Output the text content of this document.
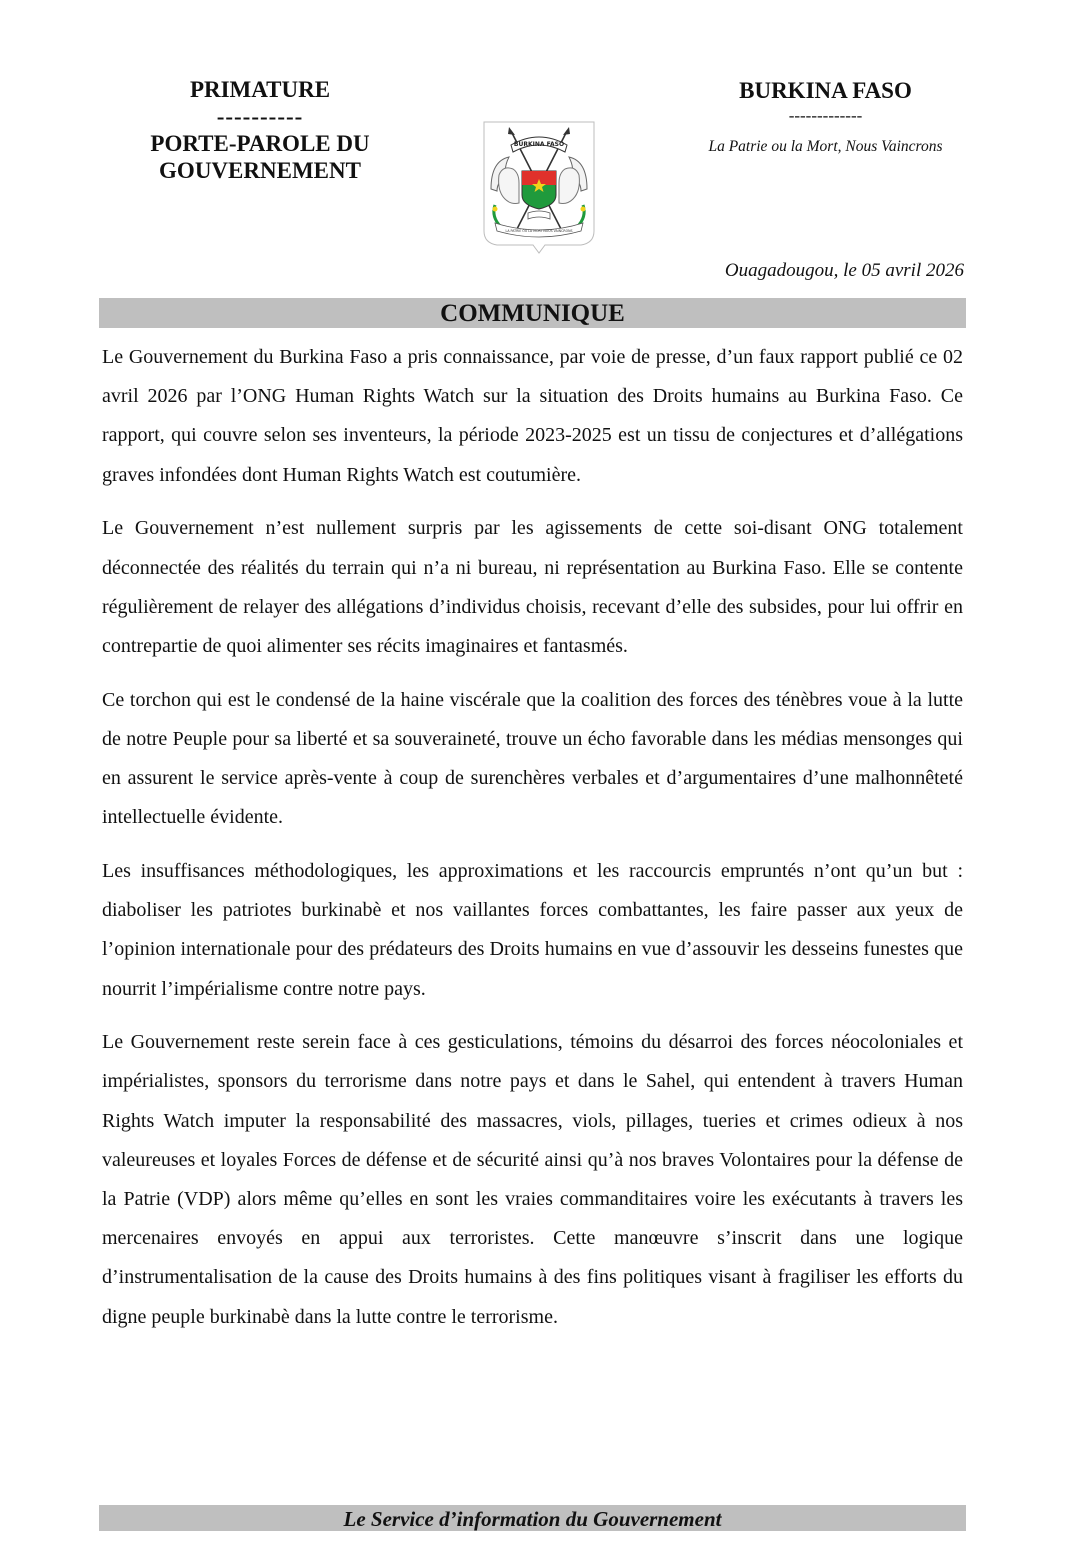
PRIMATURE
----------
PORTE-PAROLE DU GOUVERNEMENT
BURKINA FASO
LA PATRIE OU LA MORT NOUS VAINCRONS
BURKINA FASO
-------------
La Patrie ou la Mort, Nous Vaincrons
Ouagadougou, le 05 avril 2026
COMMUNIQUE

Le Gouvernement du Burkina Faso a pris connaissance, par voie de presse, d’un faux rapport publié ce 02 avril 2026 par l’ONG Human Rights Watch sur la situation des Droits humains au Burkina Faso. Ce rapport, qui couvre selon ses inventeurs, la période 2023-2025 est un tissu de conjectures et d’allégations graves infondées dont Human Rights Watch est coutumière.

Le Gouvernement n’est nullement surpris par les agissements de cette soi-disant ONG totalement déconnectée des réalités du terrain qui n’a ni bureau, ni représentation au Burkina Faso. Elle se contente régulièrement de relayer des allégations d’individus choisis, recevant d’elle des subsides, pour lui offrir en contrepartie de quoi alimenter ses récits imaginaires et fantasmés.

Ce torchon qui est le condensé de la haine viscérale que la coalition des forces des ténèbres voue à la lutte de notre Peuple pour sa liberté et sa souveraineté, trouve un écho favorable dans les médias mensonges qui en assurent le service après-vente à coup de surenchères verbales et d’argumentaires d’une malhonnêteté intellectuelle évidente.

Les insuffisances méthodologiques, les approximations et les raccourcis empruntés n’ont qu’un but : diaboliser les patriotes burkinabè et nos vaillantes forces combattantes, les faire passer aux yeux de l’opinion internationale pour des prédateurs des Droits humains en vue d’assouvir les desseins funestes que nourrit l’impérialisme contre notre pays.

Le Gouvernement reste serein face à ces gesticulations, témoins du désarroi des forces néocoloniales et impérialistes, sponsors du terrorisme dans notre pays et dans le Sahel, qui entendent à travers Human Rights Watch imputer la responsabilité des massacres, viols, pillages, tueries et crimes odieux à nos valeureuses et loyales Forces de défense et de sécurité ainsi qu’à nos braves Volontaires pour la défense de la Patrie (VDP) alors même qu’elles en sont les vraies commanditaires voire les exécutants à travers les mercenaires envoyés en appui aux terroristes. Cette manœuvre s’inscrit dans une logique d’instrumentalisation de la cause des Droits humains à des fins politiques visant à fragiliser les efforts du digne peuple burkinabè dans la lutte contre le terrorisme.

Le Service d’information du Gouvernement
